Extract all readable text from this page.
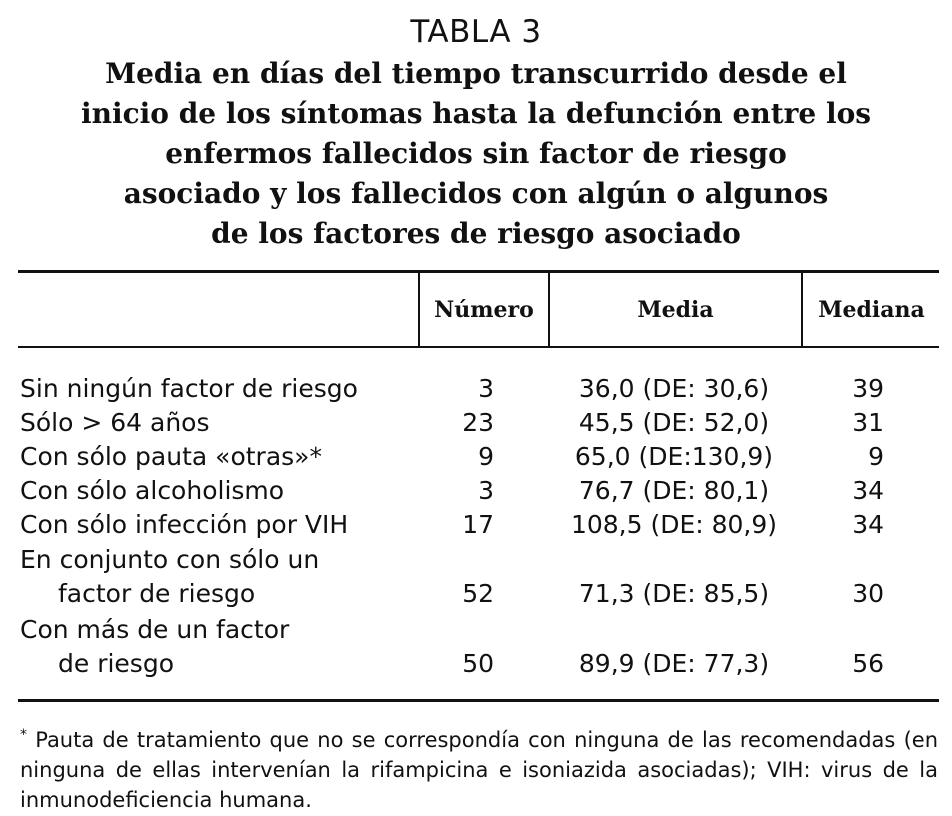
TABLA 3
Media en días del tiempo transcurrido desde el
inicio de los síntomas hasta la defunción entre los
enfermos fallecidos sin factor de riesgo
asociado y los fallecidos con algún o algunos
de los factores de riesgo asociado
Número	Media	Mediana
Sin ningún factor de riesgo	3	36,0 (DE: 30,6)	39
Sólo > 64 años	23	45,5 (DE: 52,0)	31
Con sólo pauta «otras»*	9	65,0 (DE:130,9)	9
Con sólo alcoholismo	3	76,7 (DE: 80,1)	34
Con sólo infección por VIH	17	108,5 (DE: 80,9)	34
En conjunto con sólo un
factor de riesgo	52	71,3 (DE: 85,5)	30
Con más de un factor
de riesgo	50	89,9 (DE: 77,3)	56
* Pauta de tratamiento que no se correspondía con ninguna de las recomendadas (en ninguna de ellas intervenían la rifampicina e isoniazida asociadas); VIH: virus de la inmunodeficiencia humana.
